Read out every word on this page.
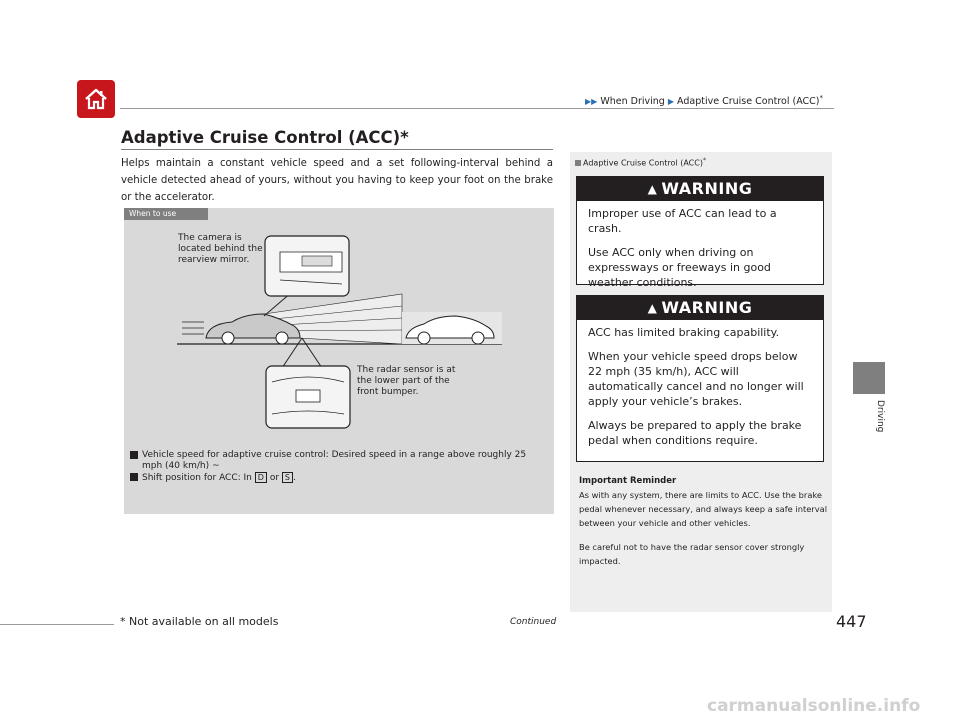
▶▶ When Driving ▶ Adaptive Cruise Control (ACC)*
Driving
Adaptive Cruise Control (ACC)*
Helps maintain a constant vehicle speed and a set following-interval behind a vehicle detected ahead of yours, without you having to keep your foot on the brake or the accelerator.
When to use
The camera is located behind the rearview mirror.
The radar sensor is at the lower part of the front bumper.
Vehicle speed for adaptive cruise control: Desired speed in a range above roughly 25 mph (40 km/h) ~
Shift position for ACC: In D or S .
Adaptive Cruise Control (ACC)*
▲ WARNING

Improper use of ACC can lead to a crash.

Use ACC only when driving on expressways or freeways in good weather conditions.

▲ WARNING

ACC has limited braking capability.

When your vehicle speed drops below 22 mph (35 km/h), ACC will automatically cancel and no longer will apply your vehicle’s brakes.

Always be prepared to apply the brake pedal when conditions require.

Important Reminder
As with any system, there are limits to ACC. Use the brake pedal whenever necessary, and always keep a safe interval between your vehicle and other vehicles.
Be careful not to have the radar sensor cover strongly impacted.
Continued	447
* Not available on all models
carmanualsonline.info
